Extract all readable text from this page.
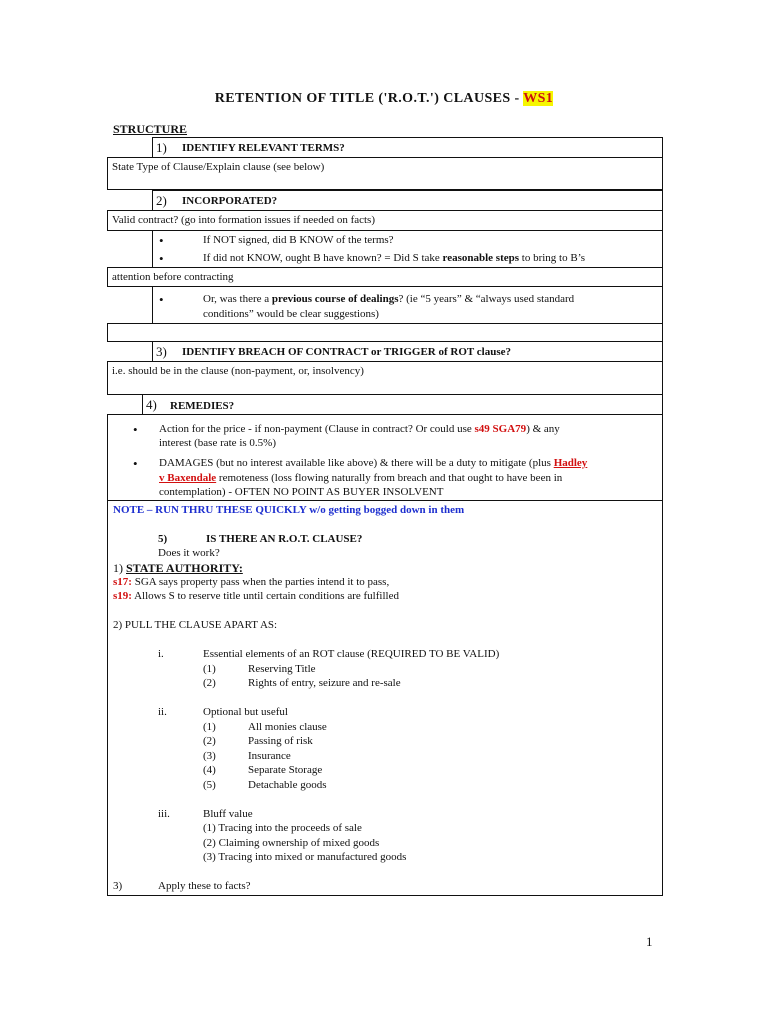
RETENTION OF TITLE ('R.O.T.') CLAUSES - WS1
STRUCTURE
1) IDENTIFY RELEVANT TERMS?
State Type of Clause/Explain clause (see below)
2) INCORPORATED?
Valid contract? (go into formation issues if needed on facts)
•	If NOT signed, did B KNOW of the terms?
•	If did not KNOW, ought B have known? = Did S take reasonable steps to bring to B’s
attention before contracting
•	Or, was there a previous course of dealings? (ie “5 years” & “always used standard
conditions” would be clear suggestions)
3) IDENTIFY BREACH OF CONTRACT or TRIGGER of ROT clause?
i.e. should be in the clause (non-payment, or, insolvency)
4) REMEDIES?
• Action for the price - if non-payment (Clause in contract? Or could use s49 SGA79) & any
interest (base rate is 0.5%)
• DAMAGES (but no interest available like above) & there will be a duty to mitigate (plus Hadley
v Baxendale remoteness (loss flowing naturally from breach and that ought to have been in
contemplation) - OFTEN NO POINT AS BUYER INSOLVENT
NOTE – RUN THRU THESE QUICKLY w/o getting bogged down in them
5)	IS THERE AN R.O.T. CLAUSE?
Does it work?
1) STATE AUTHORITY:
s17: SGA says property pass when the parties intend it to pass,
s19: Allows S to reserve title until certain conditions are fulfilled
2) PULL THE CLAUSE APART AS:
i.	Essential elements of an ROT clause (REQUIRED TO BE VALID)
(1)	Reserving Title
(2)	Rights of entry, seizure and re-sale
ii.	Optional but useful
(1)	All monies clause
(2)	Passing of risk
(3)	Insurance
(4)	Separate Storage
(5)	Detachable goods
iii.	Bluff value
(1) Tracing into the proceeds of sale
(2) Claiming ownership of mixed goods
(3) Tracing into mixed or manufactured goods
3)	Apply these to facts?
1
